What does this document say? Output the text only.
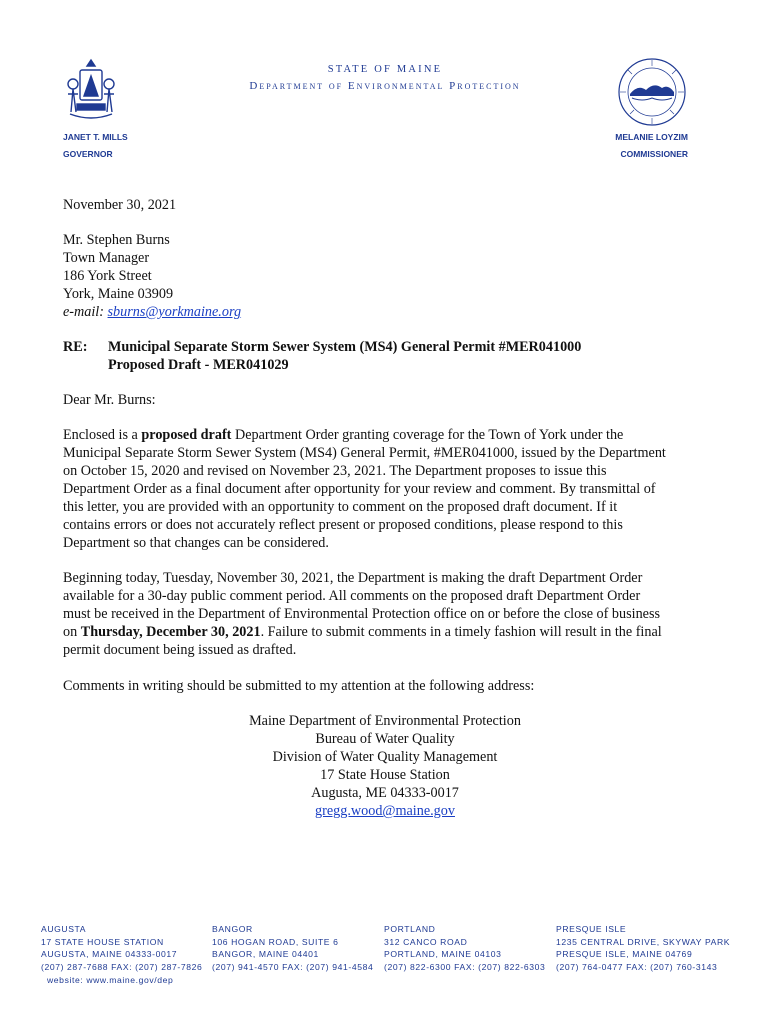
STATE OF MAINE
Department of Environmental Protection
JANET T. MILLS
GOVERNOR
MELANIE LOYZIM
COMMISSIONER
November 30, 2021
Mr. Stephen Burns
Town Manager
186 York Street
York, Maine 03909
e-mail: sburns@yorkmaine.org
RE: Municipal Separate Storm Sewer System (MS4) General Permit #MER041000
Proposed Draft - MER041029
Dear Mr. Burns:
Enclosed is a proposed draft Department Order granting coverage for the Town of York under the
Municipal Separate Storm Sewer System (MS4) General Permit, #MER041000, issued by the Department
on October 15, 2020 and revised on November 23, 2021. The Department proposes to issue this
Department Order as a final document after opportunity for your review and comment. By transmittal of
this letter, you are provided with an opportunity to comment on the proposed draft document. If it
contains errors or does not accurately reflect present or proposed conditions, please respond to this
Department so that changes can be considered.
Beginning today, Tuesday, November 30, 2021, the Department is making the draft Department Order
available for a 30-day public comment period. All comments on the proposed draft Department Order
must be received in the Department of Environmental Protection office on or before the close of business
on Thursday, December 30, 2021. Failure to submit comments in a timely fashion will result in the final
permit document being issued as drafted.
Comments in writing should be submitted to my attention at the following address:
Maine Department of Environmental Protection
Bureau of Water Quality
Division of Water Quality Management
17 State House Station
Augusta, ME 04333-0017
gregg.wood@maine.gov
AUGUSTA
17 STATE HOUSE STATION
AUGUSTA, MAINE 04333-0017
(207) 287-7688 FAX: (207) 287-7826
BANGOR
106 HOGAN ROAD, SUITE 6
BANGOR, MAINE 04401
(207) 941-4570 FAX: (207) 941-4584
PORTLAND
312 CANCO ROAD
PORTLAND, MAINE 04103
(207) 822-6300 FAX: (207) 822-6303
PRESQUE ISLE
1235 CENTRAL DRIVE, SKYWAY PARK
PRESQUE ISLE, MAINE 04769
(207) 764-0477 FAX: (207) 760-3143
website: www.maine.gov/dep
